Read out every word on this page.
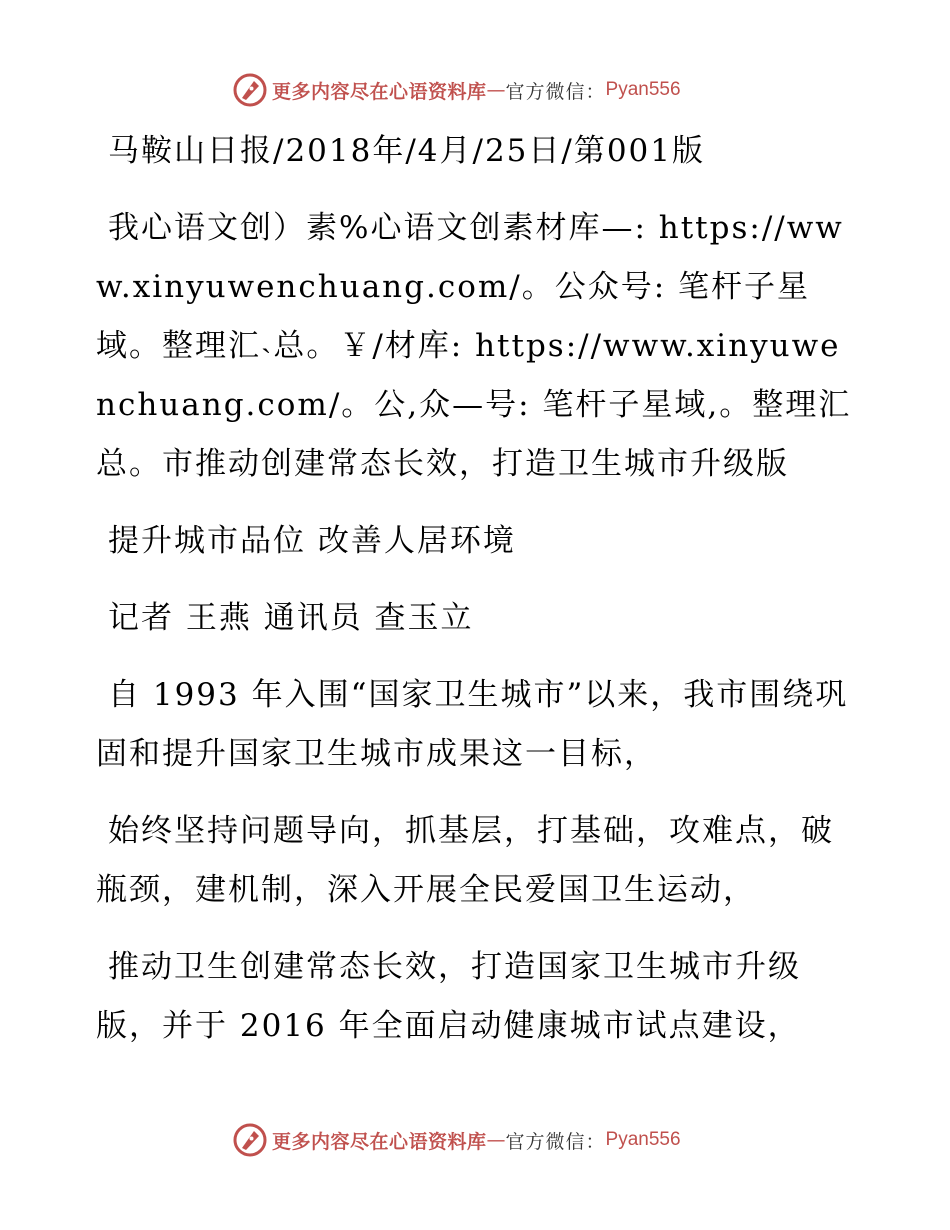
更多内容尽在心语资料库 — 官方微信： Pyan556

马鞍山日报/2018年/4月/25日/第001版

我心语文创）素%心语文创素材库—: https://www.xinyuwenchuang.com/。公众号: 笔杆子星域。整理汇˴总。￥/材库: https://www.xinyuwenchuang.com/。公,众—号: 笔杆子星域,。整理汇总。市推动创建常态长效，打造卫生城市升级版

提升城市品位 改善人居环境

记者 王燕 通讯员 查玉立

自 1993 年入围“国家卫生城市”以来，我市围绕巩固和提升国家卫生城市成果这一目标，

始终坚持问题导向，抓基层，打基础，攻难点，破瓶颈，建机制，深入开展全民爱国卫生运动，

推动卫生创建常态长效，打造国家卫生城市升级版，并于 2016 年全面启动健康城市试点建设，

更多内容尽在心语资料库 — 官方微信： Pyan556
